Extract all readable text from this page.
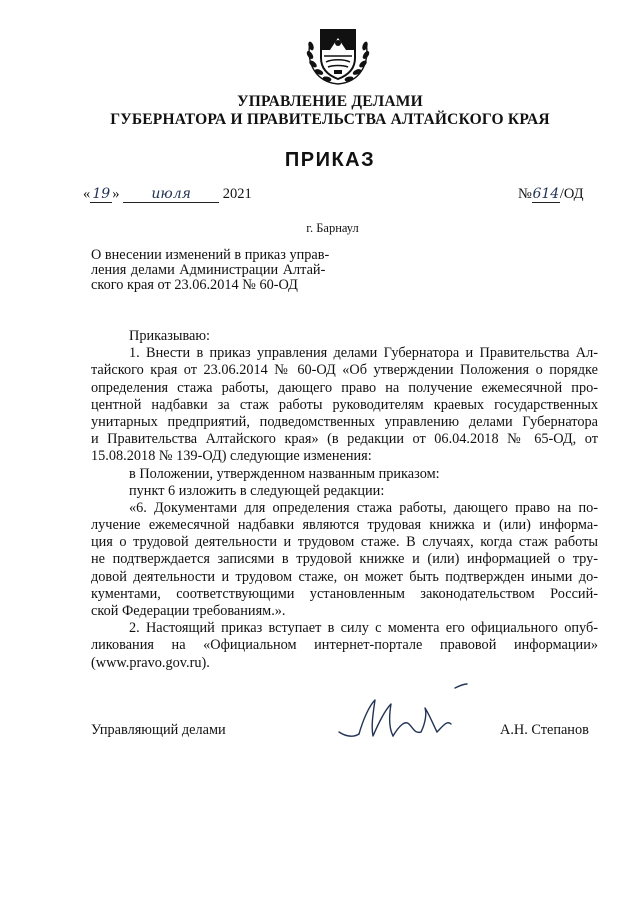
УПРАВЛЕНИЕ ДЕЛАМИ
ГУБЕРНАТОРА И ПРАВИТЕЛЬСТВА АЛТАЙСКОГО КРАЯ
ПРИКАЗ
« 19 » июля 2021	№614/ОД
г. Барнаул
О внесении изменений в приказ управ-
ления делами Администрации Алтай-
ского края от 23.06.2014 № 60-ОД
Приказываю:
1. Внести в приказ управления делами Губернатора и Правительства Ал-
тайского края от 23.06.2014 № 60-ОД «Об утверждении Положения о порядке
определения стажа работы, дающего право на получение ежемесячной про-
центной надбавки за стаж работы руководителям краевых государственных
унитарных предприятий, подведомственных управлению делами Губернатора
и Правительства Алтайского края» (в редакции от 06.04.2018 № 65-ОД, от
15.08.2018 № 139-ОД) следующие изменения:
в Положении, утвержденном названным приказом:
пункт 6 изложить в следующей редакции:
«6. Документами для определения стажа работы, дающего право на по-
лучение ежемесячной надбавки являются трудовая книжка и (или) информа-
ция о трудовой деятельности и трудовом стаже. В случаях, когда стаж работы
не подтверждается записями в трудовой книжке и (или) информацией о тру-
довой деятельности и трудовом стаже, он может быть подтвержден иными до-
кументами, соответствующими установленным законодательством Россий-
ской Федерации требованиям.».
2. Настоящий приказ вступает в силу с момента его официального опуб-
ликования на «Официальном интернет-портале правовой информации»
(www.pravo.gov.ru).
Управляющий делами	А.Н. Степанов
